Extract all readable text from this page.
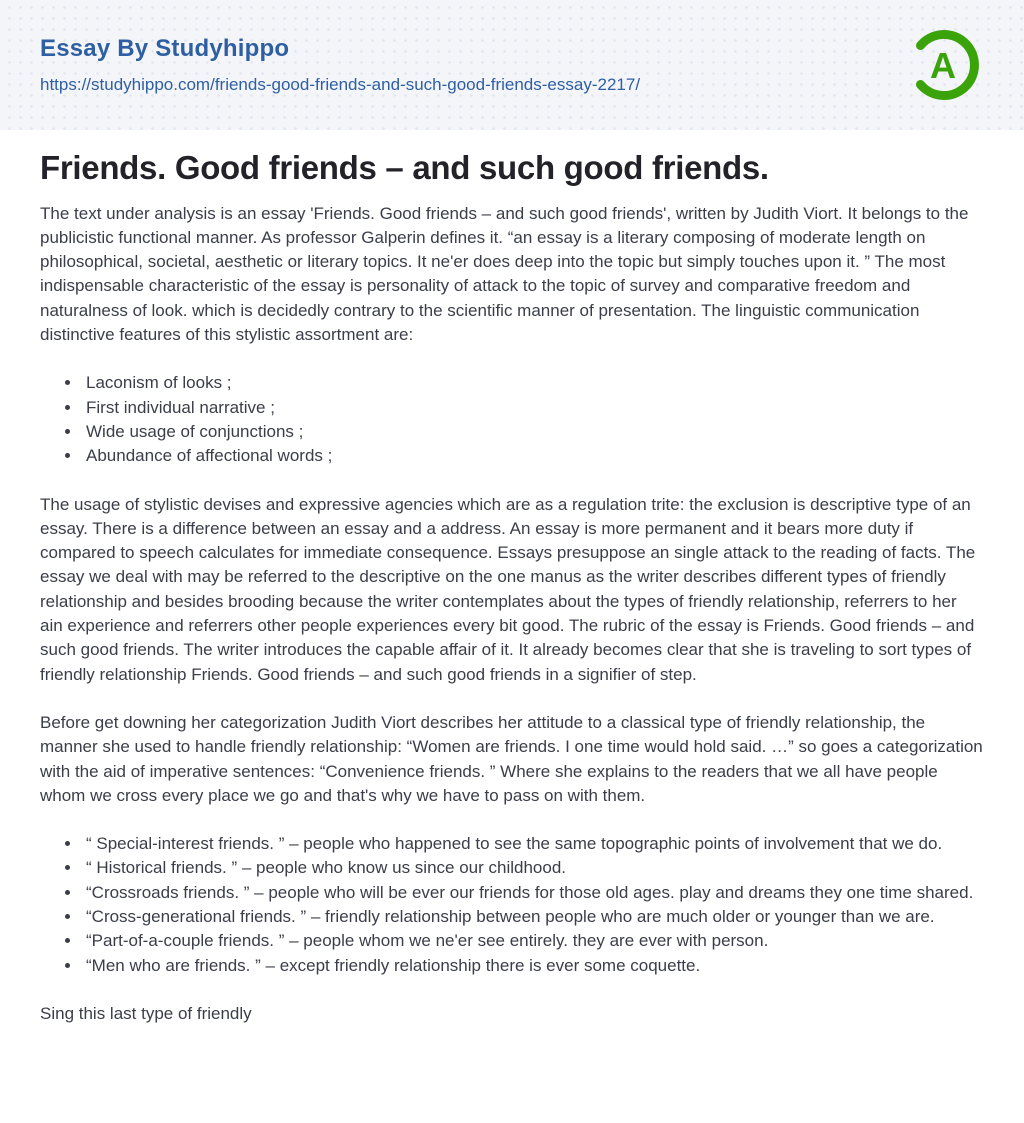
Essay By Studyhippo
https://studyhippo.com/friends-good-friends-and-such-good-friends-essay-2217/	A
Friends. Good friends – and such good friends.

The text under analysis is an essay 'Friends. Good friends – and such good friends', written by Judith Viort. It belongs to the publicistic functional manner. As professor Galperin defines it. “an essay is a literary composing of moderate length on philosophical, societal, aesthetic or literary topics. It ne'er does deep into the topic but simply touches upon it. ” The most indispensable characteristic of the essay is personality of attack to the topic of survey and comparative freedom and naturalness of look. which is decidedly contrary to the scientific manner of presentation. The linguistic communication distinctive features of this stylistic assortment are:

• Laconism of looks ;
• First individual narrative ;
• Wide usage of conjunctions ;
• Abundance of affectional words ;

The usage of stylistic devises and expressive agencies which are as a regulation trite: the exclusion is descriptive type of an essay. There is a difference between an essay and a address. An essay is more permanent and it bears more duty if compared to speech calculates for immediate consequence. Essays presuppose an single attack to the reading of facts. The essay we deal with may be referred to the descriptive on the one manus as the writer describes different types of friendly relationship and besides brooding because the writer contemplates about the types of friendly relationship, referrers to her ain experience and referrers other people experiences every bit good. The rubric of the essay is Friends. Good friends – and such good friends. The writer introduces the capable affair of it. It already becomes clear that she is traveling to sort types of friendly relationship Friends. Good friends – and such good friends in a signifier of step.

Before get downing her categorization Judith Viort describes her attitude to a classical type of friendly relationship, the manner she used to handle friendly relationship: “Women are friends. I one time would hold said. …” so goes a categorization with the aid of imperative sentences: “Convenience friends. ” Where she explains to the readers that we all have people whom we cross every place we go and that's why we have to pass on with them.

• “ Special-interest friends. ” – people who happened to see the same topographic points of involvement that we do.
• “ Historical friends. ” – people who know us since our childhood.
• “Crossroads friends. ” – people who will be ever our friends for those old ages. play and dreams they one time shared.
• “Cross-generational friends. ” – friendly relationship between people who are much older or younger than we are.
• “Part-of-a-couple friends. ” – people whom we ne'er see entirely. they are ever with person.
• “Men who are friends. ” – except friendly relationship there is ever some coquette.

Sing this last type of friendly
